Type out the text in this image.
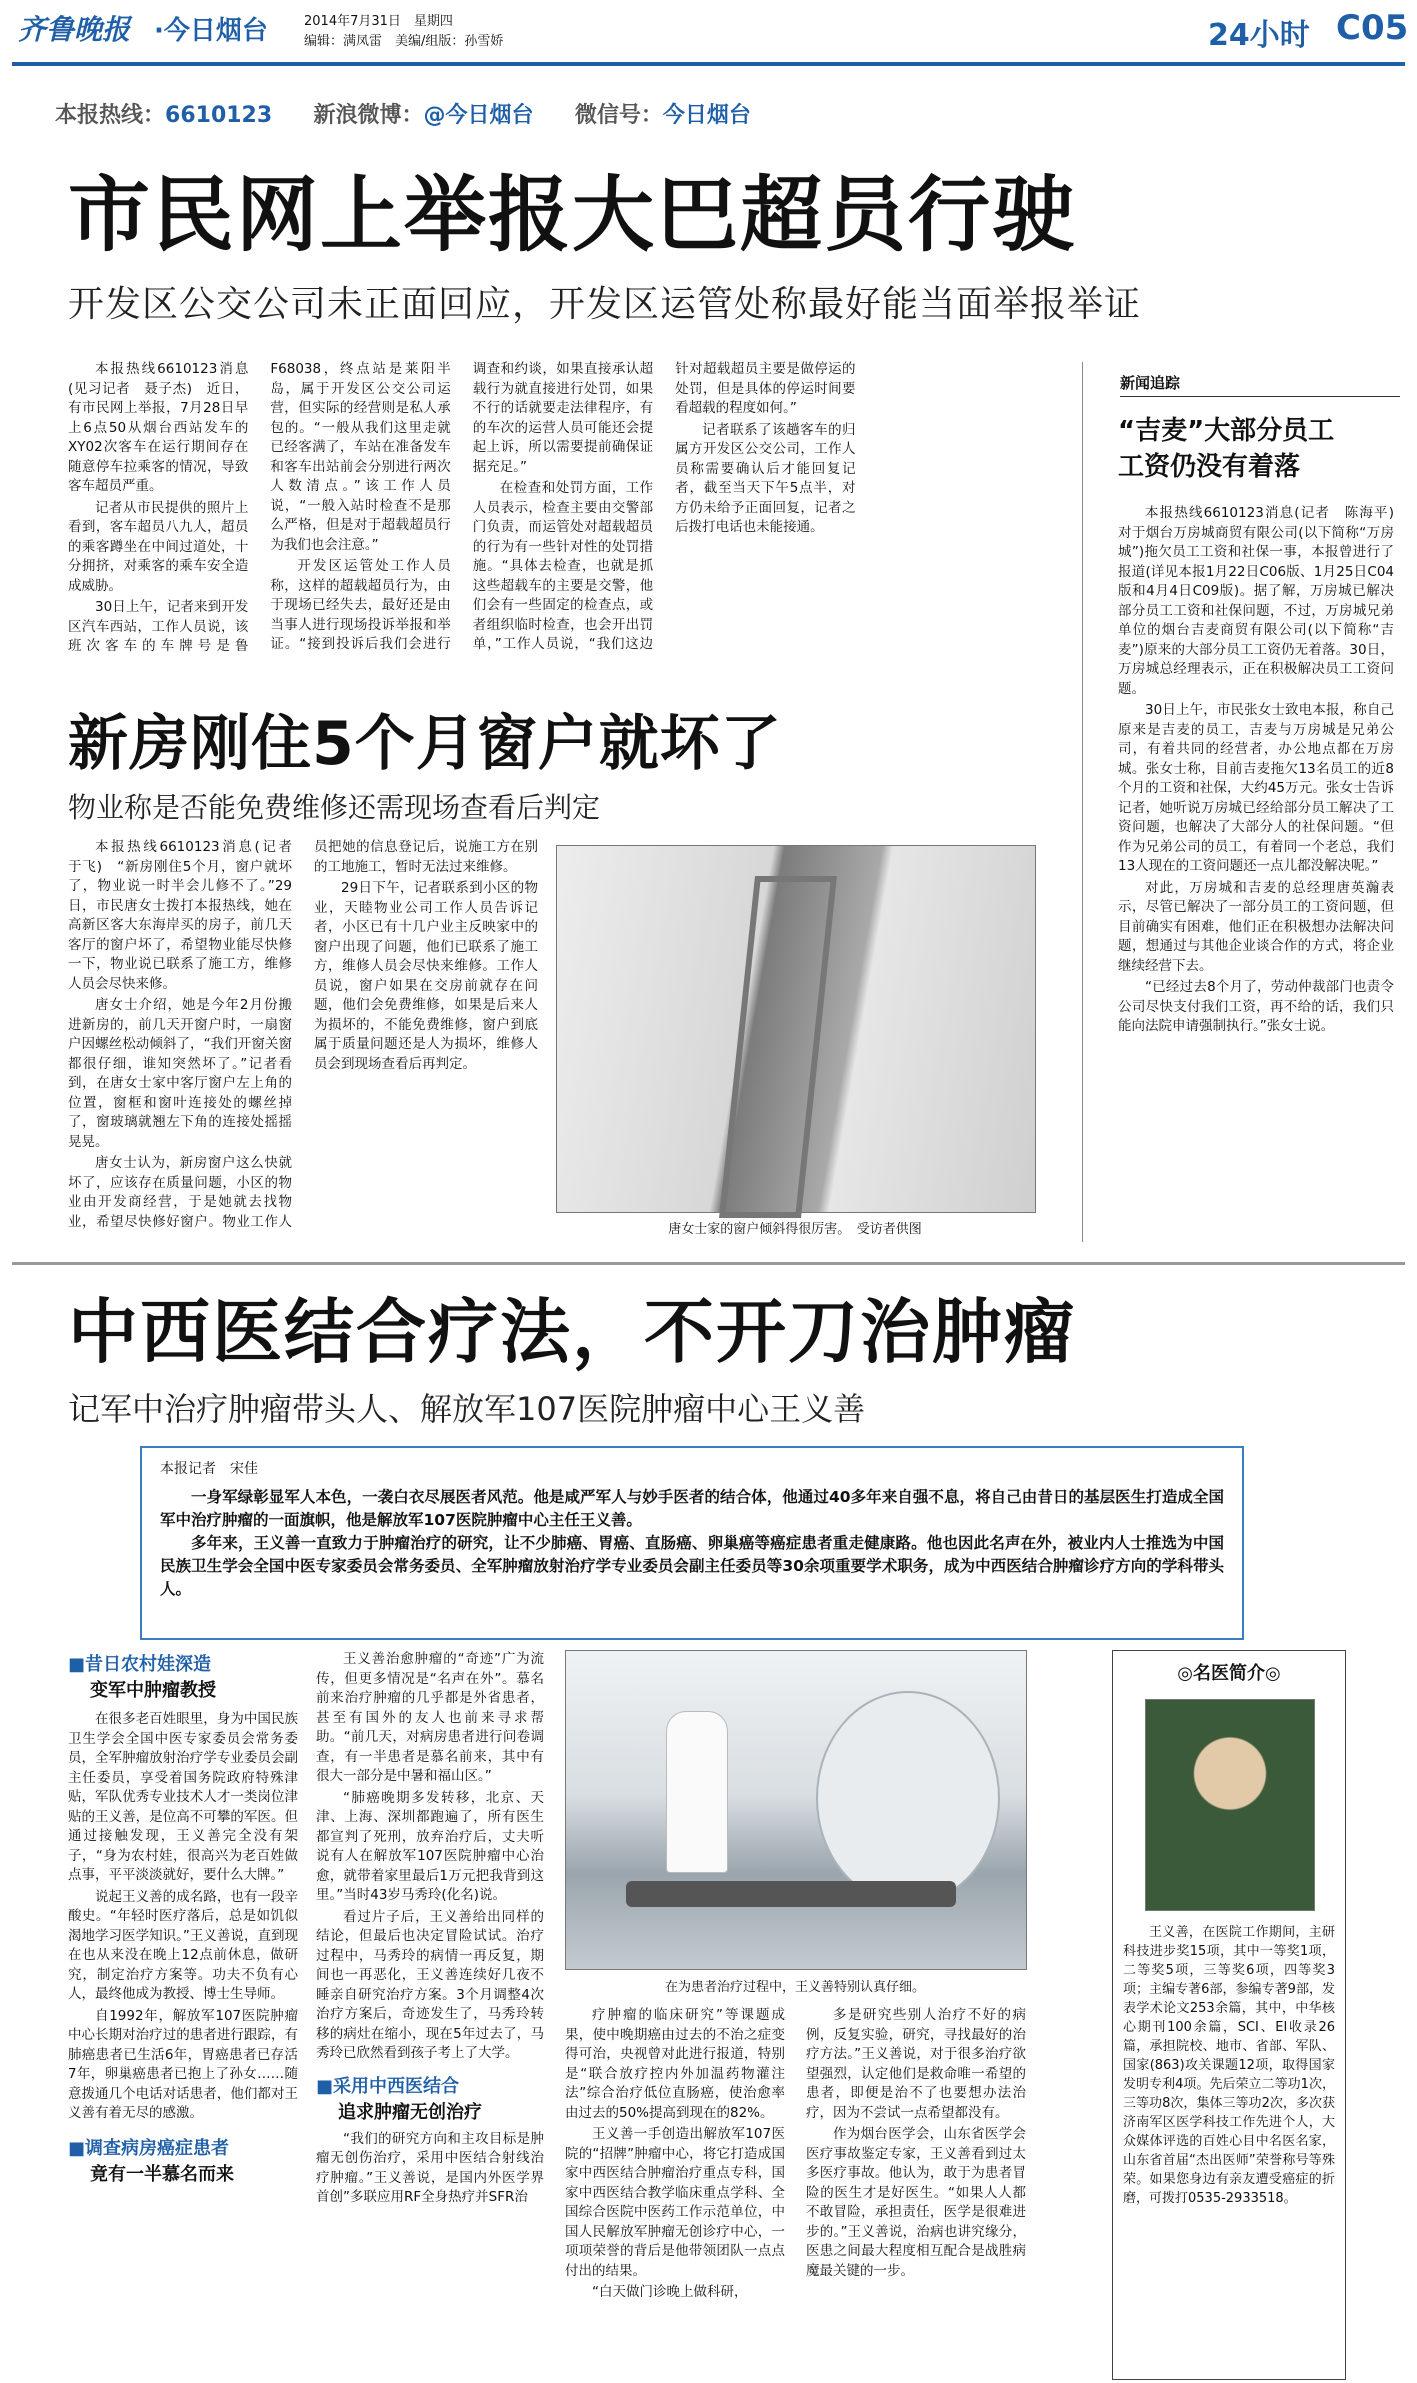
齐鲁晚报 ·今日烟台	2014年7月31日　 星期四
编辑：满凤雷　美编/组版：孙雪娇	24小时 C05
本报热线：6610123 新浪微博：@今日烟台 微信号：今日烟台
市民网上举报大巴超员行驶
开发区公交公司未正面回应，开发区运管处称最好能当面举报举证

本报热线6610123消息(见习记者　聂子杰)　近日，有市民网上举报，7月28日早上6点50从烟台西站发车的XY02次客车在运行期间存在随意停车拉乘客的情况，导致客车超员严重。

记者从市民提供的照片上看到，客车超员八九人，超员的乘客蹲坐在中间过道处，十分拥挤，对乘客的乘车安全造成威胁。

30日上午，记者来到开发区汽车西站，工作人员说，该班次客车的车牌号是鲁F68038，终点站是莱阳半岛，属于开发区公交公司运营，但实际的经营则是私人承包的。“一般从我们这里走就已经客满了，车站在准备发车和客车出站前会分别进行两次人数清点。”该工作人员说，“一般入站时检查不是那么严格，但是对于超载超员行为我们也会注意。”

开发区运管处工作人员称，这样的超载超员行为，由于现场已经失去，最好还是由当事人进行现场投诉举报和举证。“接到投诉后我们会进行调查和约谈，如果直接承认超载行为就直接进行处罚，如果不行的话就要走法律程序，有的车次的运营人员可能还会提起上诉，所以需要提前确保证据充足。”

在检查和处罚方面，工作人员表示，检查主要由交警部门负责，而运管处对超载超员的行为有一些针对性的处罚措施。“具体去检查，也就是抓这些超载车的主要是交警，他们会有一些固定的检查点，或者组织临时检查，也会开出罚单，”工作人员说，“我们这边针对超载超员主要是做停运的处罚，但是具体的停运时间要看超载的程度如何。”

记者联系了该趟客车的归属方开发区公交公司，工作人员称需要确认后才能回复记者，截至当天下午5点半，对方仍未给予正面回复，记者之后拨打电话也未能接通。

新房刚住5个月窗户就坏了
物业称是否能免费维修还需现场查看后判定

本报热线6610123消息(记者　于飞)　“新房刚住5个月，窗户就坏了，物业说一时半会儿修不了。”29日，市民唐女士拨打本报热线，她在高新区客大东海岸买的房子，前几天客厅的窗户坏了，希望物业能尽快修一下，物业说已联系了施工方，维修人员会尽快来修。

唐女士介绍，她是今年2月份搬进新房的，前几天开窗户时，一扇窗户因螺丝松动倾斜了，“我们开窗关窗都很仔细，谁知突然坏了。”记者看到，在唐女士家中客厅窗户左上角的位置，窗框和窗叶连接处的螺丝掉了，窗玻璃就翘左下角的连接处摇摇晃晃。

唐女士认为，新房窗户这么快就坏了，应该存在质量问题，小区的物业由开发商经营，于是她就去找物业，希望尽快修好窗户。物业工作人员把她的信息登记后，说施工方在别的工地施工，暂时无法过来维修。

29日下午，记者联系到小区的物业，天睦物业公司工作人员告诉记者，小区已有十几户业主反映家中的窗户出现了问题，他们已联系了施工方，维修人员会尽快来维修。工作人员说，窗户如果在交房前就存在问题，他们会免费维修，如果是后来人为损坏的，不能免费维修，窗户到底属于质量问题还是人为损坏，维修人员会到现场查看后再判定。

唐女士家的窗户倾斜得很厉害。　受访者供图
新闻追踪
“吉麦”大部分员工
工资仍没有着落

本报热线6610123消息(记者　陈海平)　对于烟台万房城商贸有限公司(以下简称“万房城”)拖欠员工工资和社保一事，本报曾进行了报道(详见本报1月22日C06版、1月25日C04版和4月4日C09版)。据了解，万房城已解决部分员工工资和社保问题，不过，万房城兄弟单位的烟台吉麦商贸有限公司(以下简称“吉麦”)原来的大部分员工工资仍无着落。30日，万房城总经理表示，正在积极解决员工工资问题。

30日上午，市民张女士致电本报，称自己原来是吉麦的员工，吉麦与万房城是兄弟公司，有着共同的经营者，办公地点都在万房城。张女士称，目前吉麦拖欠13名员工的近8个月的工资和社保，大约45万元。张女士告诉记者，她听说万房城已经给部分员工解决了工资问题，也解决了大部分人的社保问题。“但作为兄弟公司的员工，有着同一个老总，我们13人现在的工资问题还一点儿都没解决呢。”

对此，万房城和吉麦的总经理唐英瀚表示，尽管已解决了一部分员工的工资问题，但目前确实有困难，他们正在积极想办法解决问题，想通过与其他企业谈合作的方式，将企业继续经营下去。

“已经过去8个月了，劳动仲裁部门也责令公司尽快支付我们工资，再不给的话，我们只能向法院申请强制执行。”张女士说。

中西医结合疗法，不开刀治肿瘤
记军中治疗肿瘤带头人、解放军107医院肿瘤中心王义善
本报记者　宋佳

一身军绿彰显军人本色，一袭白衣尽展医者风范。他是咸严军人与妙手医者的结合体，他通过40多年来自强不息，将自己由昔日的基层医生打造成全国军中治疗肿瘤的一面旗帜，他是解放军107医院肿瘤中心主任王义善。

多年来，王义善一直致力于肿瘤治疗的研究，让不少肺癌、胃癌、直肠癌、卵巢癌等癌症患者重走健康路。他也因此名声在外，被业内人士推选为中国民族卫生学会全国中医专家委员会常务委员、全军肿瘤放射治疗学专业委员会副主任委员等30余项重要学术职务，成为中西医结合肿瘤诊疗方向的学科带头人。

■昔日农村娃深造
变军中肿瘤教授

在很多老百姓眼里，身为中国民族卫生学会全国中医专家委员会常务委员，全军肿瘤放射治疗学专业委员会副主任委员，享受着国务院政府特殊津贴，军队优秀专业技术人才一类岗位津贴的王义善，是位高不可攀的军医。但通过接触发现，王义善完全没有架子，“身为农村娃，很高兴为老百姓做点事，平平淡淡就好，要什么大牌。”

说起王义善的成名路，也有一段辛酸史。“年轻时医疗落后，总是如饥似渴地学习医学知识。”王义善说，直到现在也从来没在晚上12点前休息，做研究，制定治疗方案等。功夫不负有心人，最终他成为教授、博士生导师。

自1992年，解放军107医院肿瘤中心长期对治疗过的患者进行跟踪，有肺癌患者已生活6年，胃癌患者已存活7年，卵巢癌患者已抱上了孙女……随意拨通几个电话对话患者，他们都对王义善有着无尽的感激。

■调查病房癌症患者
竟有一半慕名而来

王义善治愈肿瘤的“奇迹”广为流传，但更多情况是“名声在外”。慕名前来治疗肿瘤的几乎都是外省患者，甚至有国外的友人也前来寻求帮助。“前几天，对病房患者进行问卷调查，有一半患者是慕名前来，其中有很大一部分是中暑和福山区。”

“肺癌晚期多发转移，北京、天津、上海、深圳都跑遍了，所有医生都宣判了死刑，放弃治疗后，丈夫听说有人在解放军107医院肿瘤中心治愈，就带着家里最后1万元把我背到这里。”当时43岁马秀玲(化名)说。

看过片子后，王义善给出同样的结论，但最后也决定冒险试试。治疗过程中，马秀玲的病情一再反复，期间也一再恶化，王义善连续好几夜不睡亲自研究治疗方案。3个月调整4次治疗方案后，奇迹发生了，马秀玲转移的病灶在缩小，现在5年过去了，马秀玲已欣然看到孩子考上了大学。

■采用中西医结合
追求肿瘤无创治疗

“我们的研究方向和主攻目标是肿瘤无创伤治疗，采用中医结合射线治疗肿瘤。”王义善说，是国内外医学界首创”多联应用RF全身热疗并SFR治

在为患者治疗过程中，王义善特别认真仔细。

疗肿瘤的临床研究”等课题成果，使中晚期癌由过去的不治之症变得可治，央视曾对此进行报道，特别是“联合放疗控内外加温药物灌注法”综合治疗低位直肠癌，使治愈率由过去的50%提高到现在的82%。

王义善一手创造出解放军107医院的“招牌”肿瘤中心，将它打造成国家中西医结合肿瘤治疗重点专科，国家中西医结合教学临床重点学科、全国综合医院中医药工作示范单位，中国人民解放军肿瘤无创诊疗中心，一项项荣誉的背后是他带领团队一点点付出的结果。

“白天做门诊晚上做科研，

多是研究些别人治疗不好的病例，反复实验，研究，寻找最好的治疗方法。”王义善说，对于很多治疗欲望强烈，认定他们是救命唯一希望的患者，即便是治不了也要想办法治疗，因为不尝试一点希望都没有。

作为烟台医学会，山东省医学会医疗事故鉴定专家，王义善看到过太多医疗事故。他认为，敢于为患者冒险的医生才是好医生。“如果人人都不敢冒险，承担责任，医学是很难进步的。”王义善说，治病也讲究缘分，医患之间最大程度相互配合是战胜病魔最关键的一步。

◎名医简介◎
王义善，在医院工作期间，主研科技进步奖15项，其中一等奖1项，二等奖5项，三等奖6项，四等奖3项；主编专著6部，参编专著9部，发表学术论文253余篇，其中，中华核心期刊100余篇，SCI、EI收录26篇，承担院校、地市、省部、军队、国家(863)攻关课题12项，取得国家发明专利4项。先后荣立二等功1次，三等功8次，集体三等功2次，多次获济南军区医学科技工作先进个人，大众媒体评选的百姓心目中名医名家，山东省首届“杰出医师”荣誉称号等殊荣。如果您身边有亲友遭受癌症的折磨，可拨打0535-2933518。
